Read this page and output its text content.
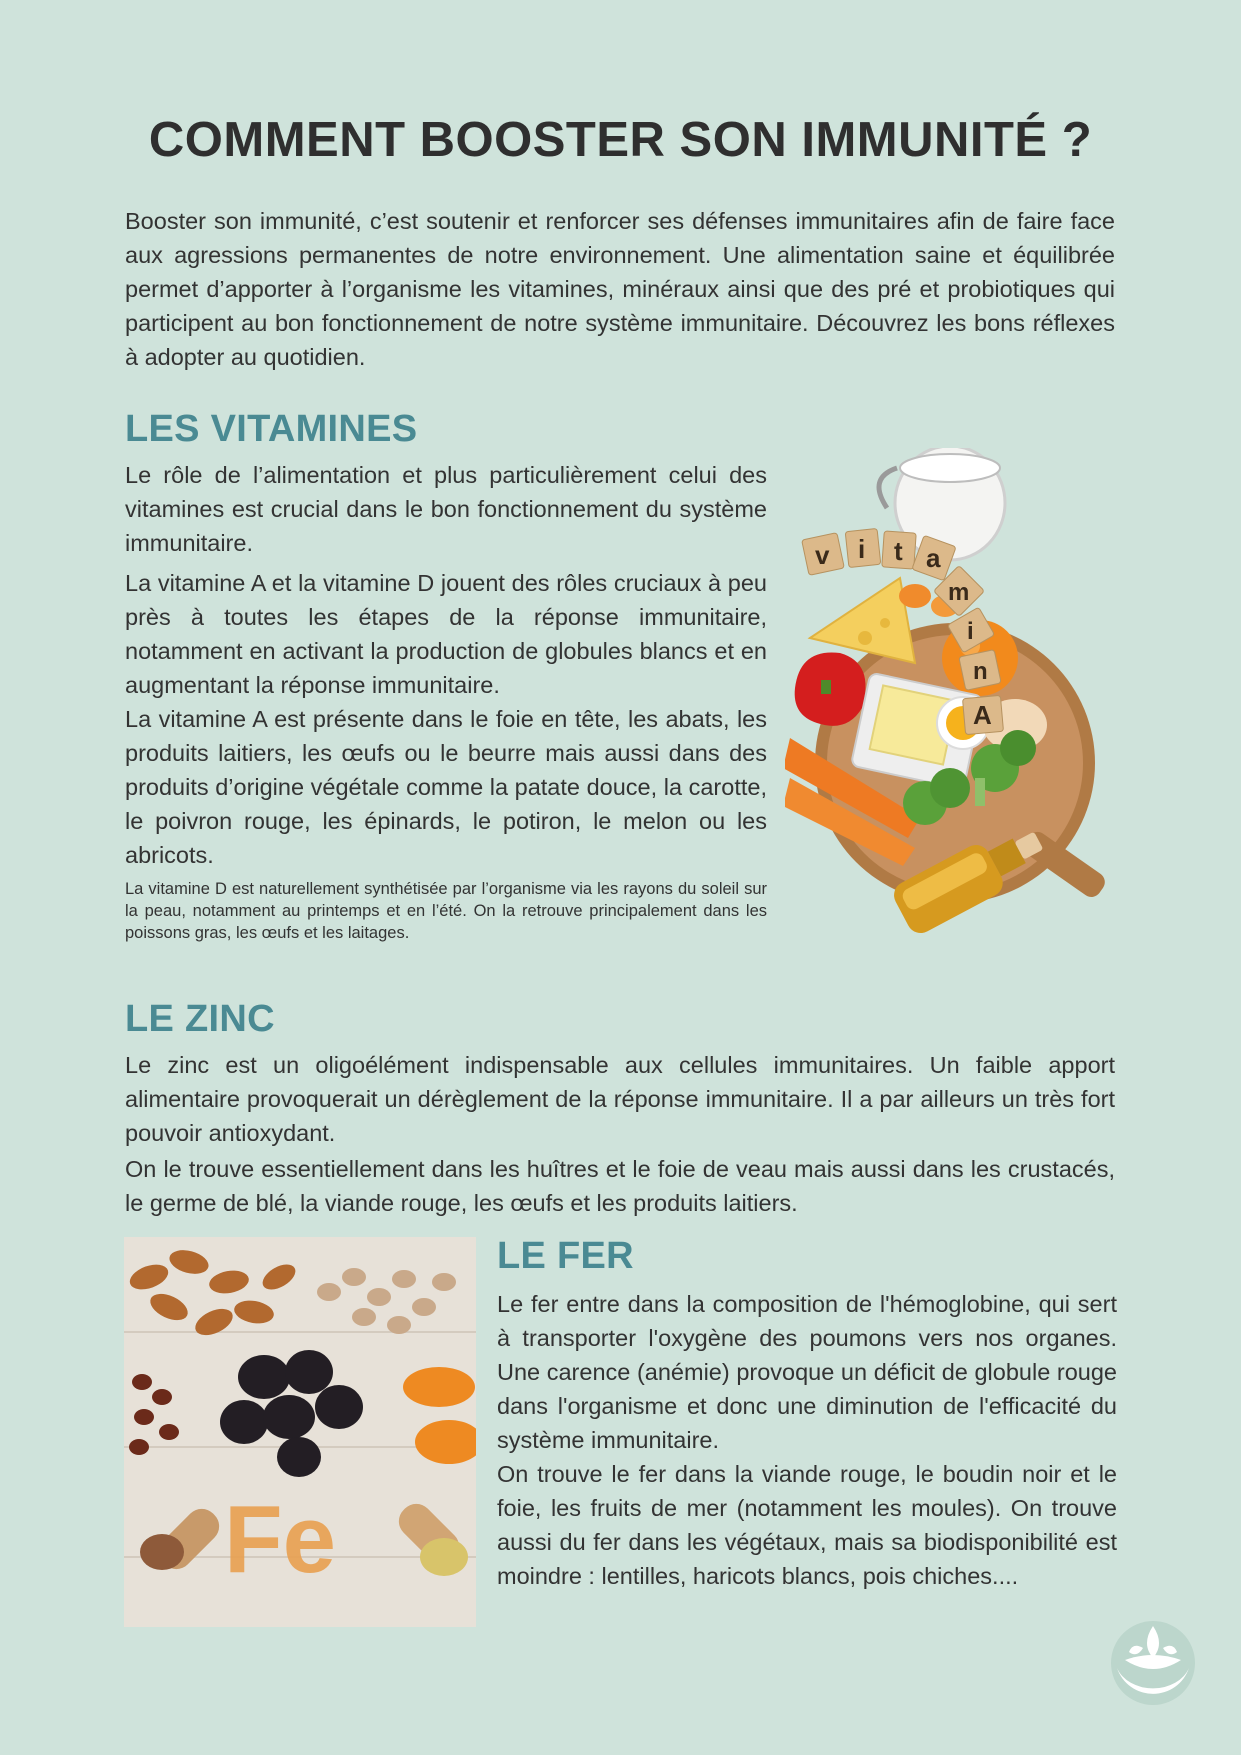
COMMENT BOOSTER SON IMMUNITÉ ?

Booster son immunité, c’est soutenir et renforcer ses défenses immunitaires afin de faire face aux agressions permanentes de notre environnement. Une alimentation saine et équilibrée permet d’apporter à l’organisme les vitamines, minéraux ainsi que des pré et probiotiques qui participent au bon fonctionnement de notre système immunitaire. Découvrez les bons réflexes à adopter au quotidien.

LES VITAMINES

Le rôle de l’alimentation et plus particulièrement celui des vitamines est crucial dans le bon fonctionnement du système immunitaire.

La vitamine A et la vitamine D jouent des rôles cruciaux à peu près à toutes les étapes de la réponse immunitaire, notamment en activant la production de globules blancs et en augmentant la réponse immunitaire.

La vitamine A est présente dans le foie en tête, les abats, les produits laitiers, les œufs ou le beurre mais aussi dans des produits d’origine végétale comme la patate douce, la carotte, le poivron rouge, les épinards, le potiron, le melon ou les abricots.

La vitamine D est naturellement synthétisée par l’organisme via les rayons du soleil sur la peau, notamment au printemps et en l’été. On la retrouve principalement dans les poissons gras, les œufs et les laitages.

v i t a
m
i
n
A
LE ZINC

Le zinc est un oligoélément indispensable aux cellules immunitaires. Un faible apport alimentaire provoquerait un dérèglement de la réponse immunitaire. Il a par ailleurs un très fort pouvoir antioxydant.

On le trouve essentiellement dans les huîtres et le foie de veau mais aussi dans les crustacés, le germe de blé, la viande rouge, les œufs et les produits laitiers.

Fe
LE FER

Le fer entre dans la composition de l'hémoglobine, qui sert à transporter l'oxygène des poumons vers nos organes. Une carence (anémie) provoque un déficit de globule rouge dans l'organisme et donc une diminution de l'efficacité du système immunitaire.

On trouve le fer dans la viande rouge, le boudin noir et le foie, les fruits de mer (notamment les moules). On trouve aussi du fer dans les végétaux, mais sa biodisponibilité est moindre : lentilles, haricots blancs, pois chiches....
